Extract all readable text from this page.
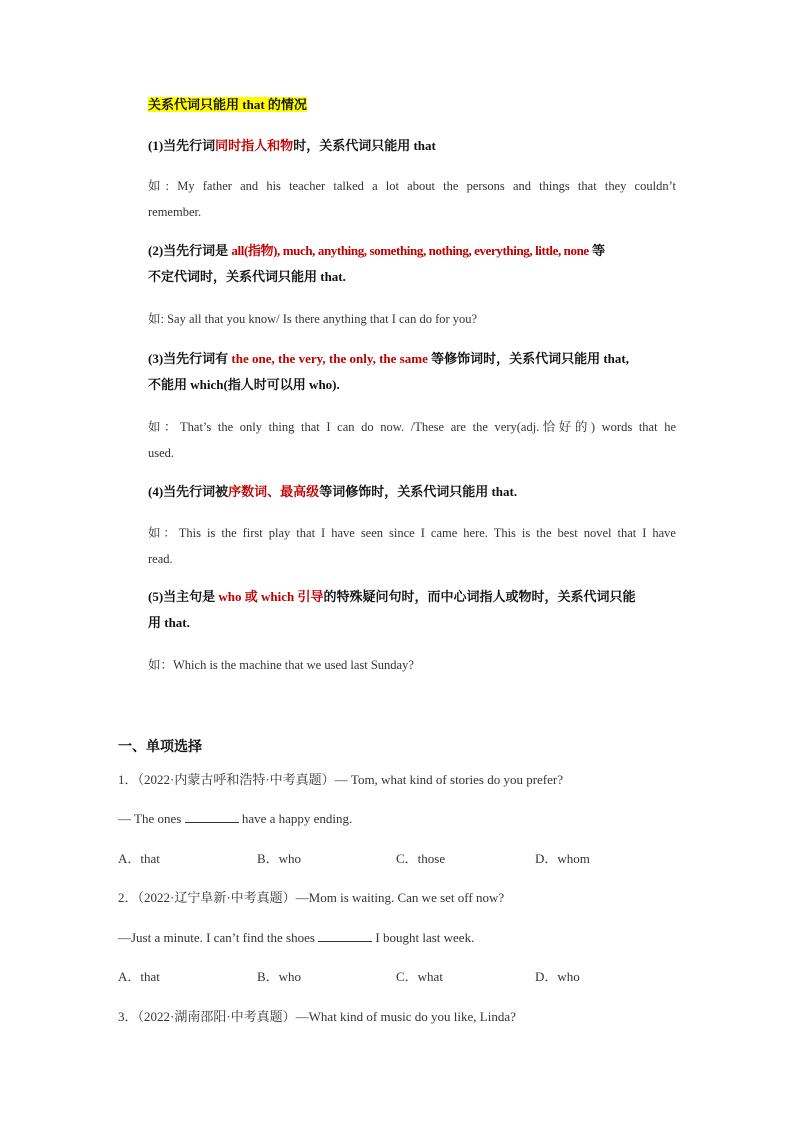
关系代词只能用 that 的情况
(1)当先行词同时指人和物时，关系代词只能用 that
如: My father and his teacher talked a lot about the persons and things that they couldn’t
remember.
(2)当先行词是 all(指物), much, anything, something, nothing, everything, little, none 等
不定代词时，关系代词只能用 that.
如: Say all that you know/ Is there anything that I can do for you?
(3)当先行词有 the one, the very, the only, the same 等修饰词时，关系代词只能用 that,
不能用 which(指人时可以用 who).
如：That’s the only thing that I can do now. /These are the very(adj.恰好的) words that he
used.
(4)当先行词被序数词、最高级等词修饰时，关系代词只能用 that.
如：This is the first play that I have seen since I came here. This is the best novel that I have
read.
(5)当主句是 who 或 which 引导的特殊疑问句时，而中心词指人或物时，关系代词只能
用 that.
如：Which is the machine that we used last Sunday?
一、单项选择
1．（2022·内蒙古呼和浩特·中考真题）— Tom, what kind of stories do you prefer?
— The ones	have a happy ending.
A．that	B．who	C．those	D．whom
2．（2022·辽宁阜新·中考真题）—Mom is waiting. Can we set off now?
—Just a minute. I can’t find the shoes	I bought last week.
A．that	B．who	C．what	D．who
3．（2022·湖南邵阳·中考真题）—What kind of music do you like, Linda?
